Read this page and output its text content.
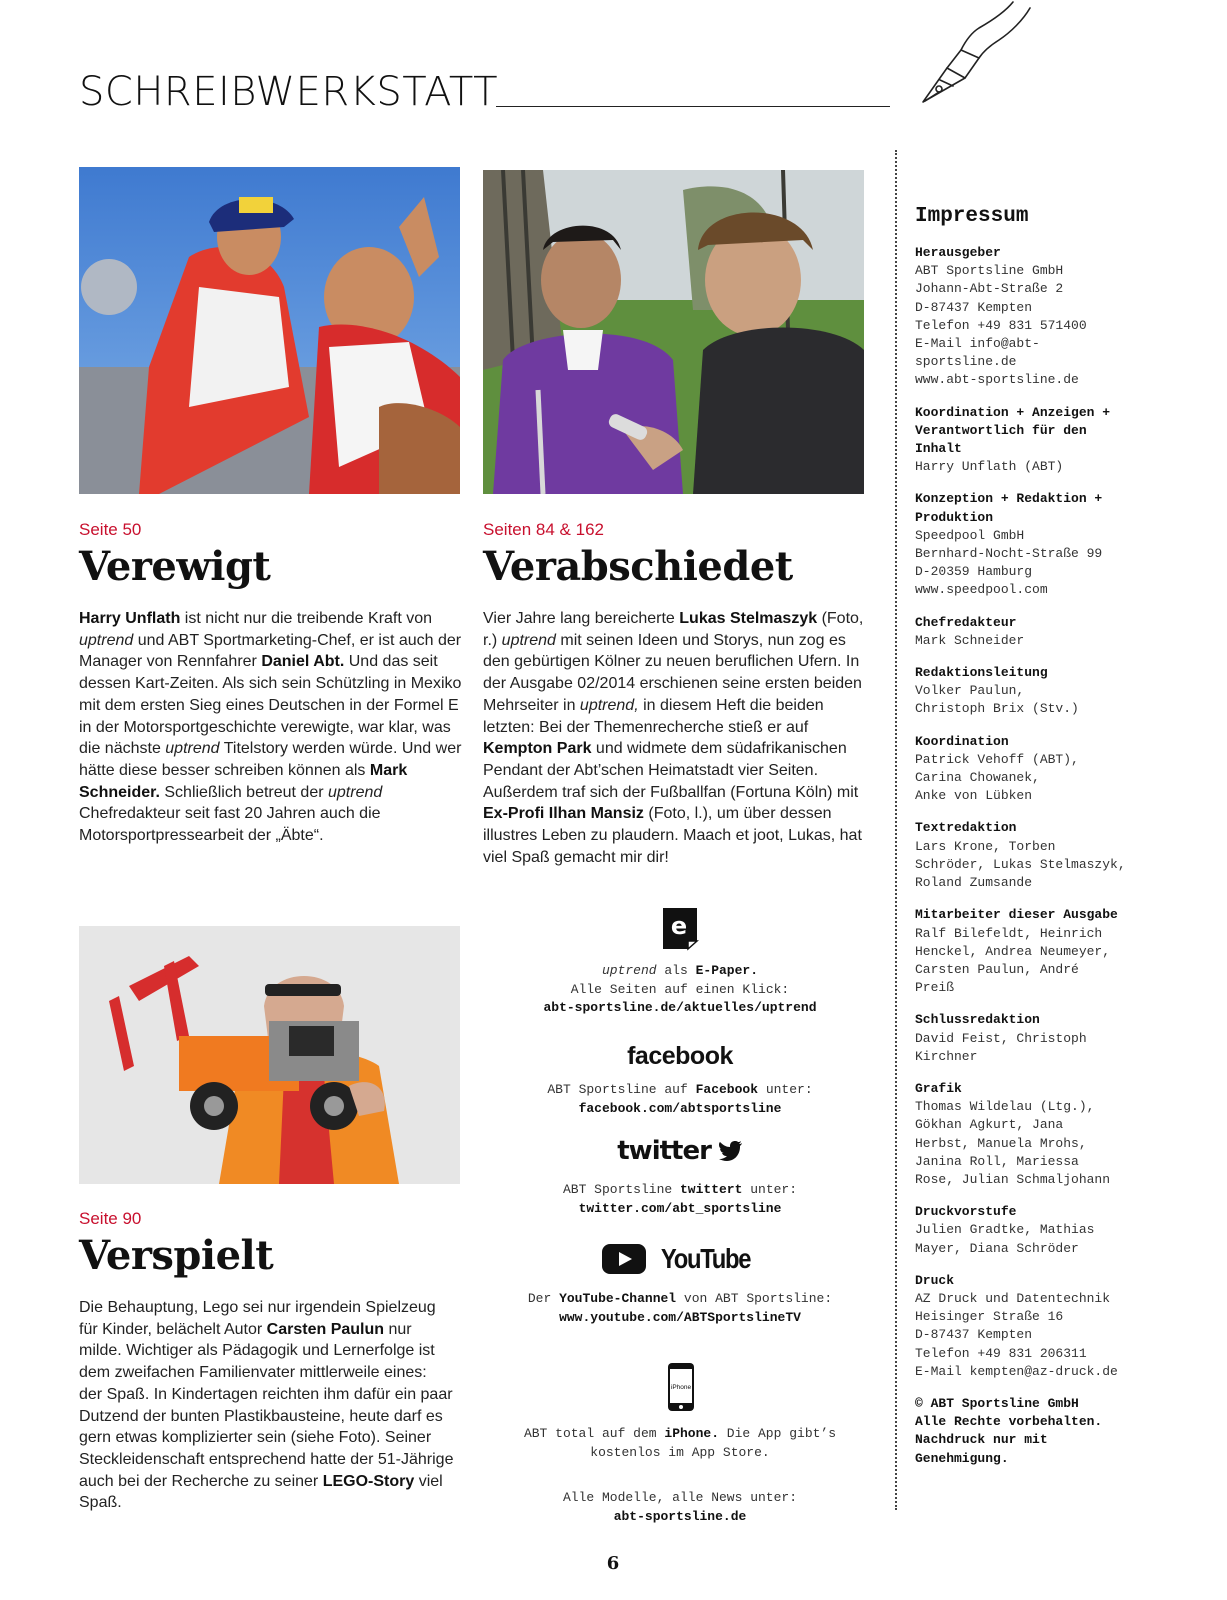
SCHREIBWERKSTATT

Seite 50

Verewigt

Harry Unflath ist nicht nur die treibende Kraft von uptrend und ABT Sportmarketing-Chef, er ist auch der Manager von Rennfahrer Daniel Abt. Und das seit dessen Kart-Zeiten. Als sich sein Schützling in Mexiko mit dem ersten Sieg eines Deutschen in der Formel E in der Motorsportgeschichte verewigte, war klar, was die nächste uptrend Titelstory werden würde. Und wer hätte diese besser schreiben können als Mark Schneider. Schließlich betreut der uptrend Chefredakteur seit fast 20 Jahren auch die Motorsportpressearbeit der „Äbte“.

Seiten 84 & 162

Verabschiedet

Vier Jahre lang bereicherte Lukas Stelmaszyk (Foto, r.) uptrend mit seinen Ideen und Storys, nun zog es den gebürtigen Kölner zu neuen beruflichen Ufern. In der Ausgabe 02/2014 erschienen seine ersten beiden Mehrseiter in uptrend, in diesem Heft die beiden letzten: Bei der Themenrecherche stieß er auf Kempton Park und widmete dem südafrikanischen Pendant der Abt’schen Heimatstadt vier Seiten. Außerdem traf sich der Fußballfan (Fortuna Köln) mit Ex-Profi Ilhan Mansiz (Foto, l.), um über dessen illustres Leben zu plaudern. Maach et joot, Lukas, hat viel Spaß gemacht mir dir!

Seite 90

Verspielt

Die Behauptung, Lego sei nur irgendein Spielzeug für Kinder, belächelt Autor Carsten Paulun nur milde. Wichtiger als Pädagogik und Lernerfolge ist dem zweifachen Familienvater mittlerweile eines: der Spaß. In Kindertagen reichten ihm dafür ein paar Dutzend der bunten Plastikbausteine, heute darf es gern etwas komplizierter sein (siehe Foto). Seiner Steckleidenschaft entsprechend hatte der 51-Jährige auch bei der Recherche zu seiner LEGO-Story viel Spaß.

e
uptrend als E-Paper.
Alle Seiten auf einen Klick:
abt-sportsline.de/aktuelles/uptrend
facebook
ABT Sportsline auf Facebook unter:
facebook.com/abtsportsline
twitter
ABT Sportsline twittert unter:
twitter.com/abt_sportsline
YouTube
Der YouTube-Channel von ABT Sportsline:
www.youtube.com/ABTSportslineTV
iPhone
ABT total auf dem iPhone. Die App gibt’s
kostenlos im App Store.
Alle Modelle, alle News unter:
abt-sportsline.de
Impressum
Herausgeber
ABT Sportsline GmbH
Johann-Abt-Straße 2
D-87437 Kempten
Telefon +49 831 571400
E-Mail info@abt-
sportsline.de
www.abt-sportsline.de
Koordination + Anzeigen +
Verantwortlich für den
Inhalt
Harry Unflath (ABT)
Konzeption + Redaktion +
Produktion
Speedpool GmbH
Bernhard-Nocht-Straße 99
D-20359 Hamburg
www.speedpool.com
Chefredakteur
Mark Schneider
Redaktionsleitung
Volker Paulun,
Christoph Brix (Stv.)
Koordination
Patrick Vehoff (ABT),
Carina Chowanek,
Anke von Lübken
Textredaktion
Lars Krone, Torben
Schröder, Lukas Stelmaszyk,
Roland Zumsande
Mitarbeiter dieser Ausgabe
Ralf Bilefeldt, Heinrich
Henckel, Andrea Neumeyer,
Carsten Paulun, André
Preiß
Schlussredaktion
David Feist, Christoph
Kirchner
Grafik
Thomas Wildelau (Ltg.),
Gökhan Agkurt, Jana
Herbst, Manuela Mrohs,
Janina Roll, Mariessa
Rose, Julian Schmaljohann
Druckvorstufe
Julien Gradtke, Mathias
Mayer, Diana Schröder
Druck
AZ Druck und Datentechnik
Heisinger Straße 16
D-87437 Kempten
Telefon +49 831 206311
E-Mail kempten@az-druck.de
© ABT Sportsline GmbH
Alle Rechte vorbehalten.
Nachdruck nur mit
Genehmigung.
6
